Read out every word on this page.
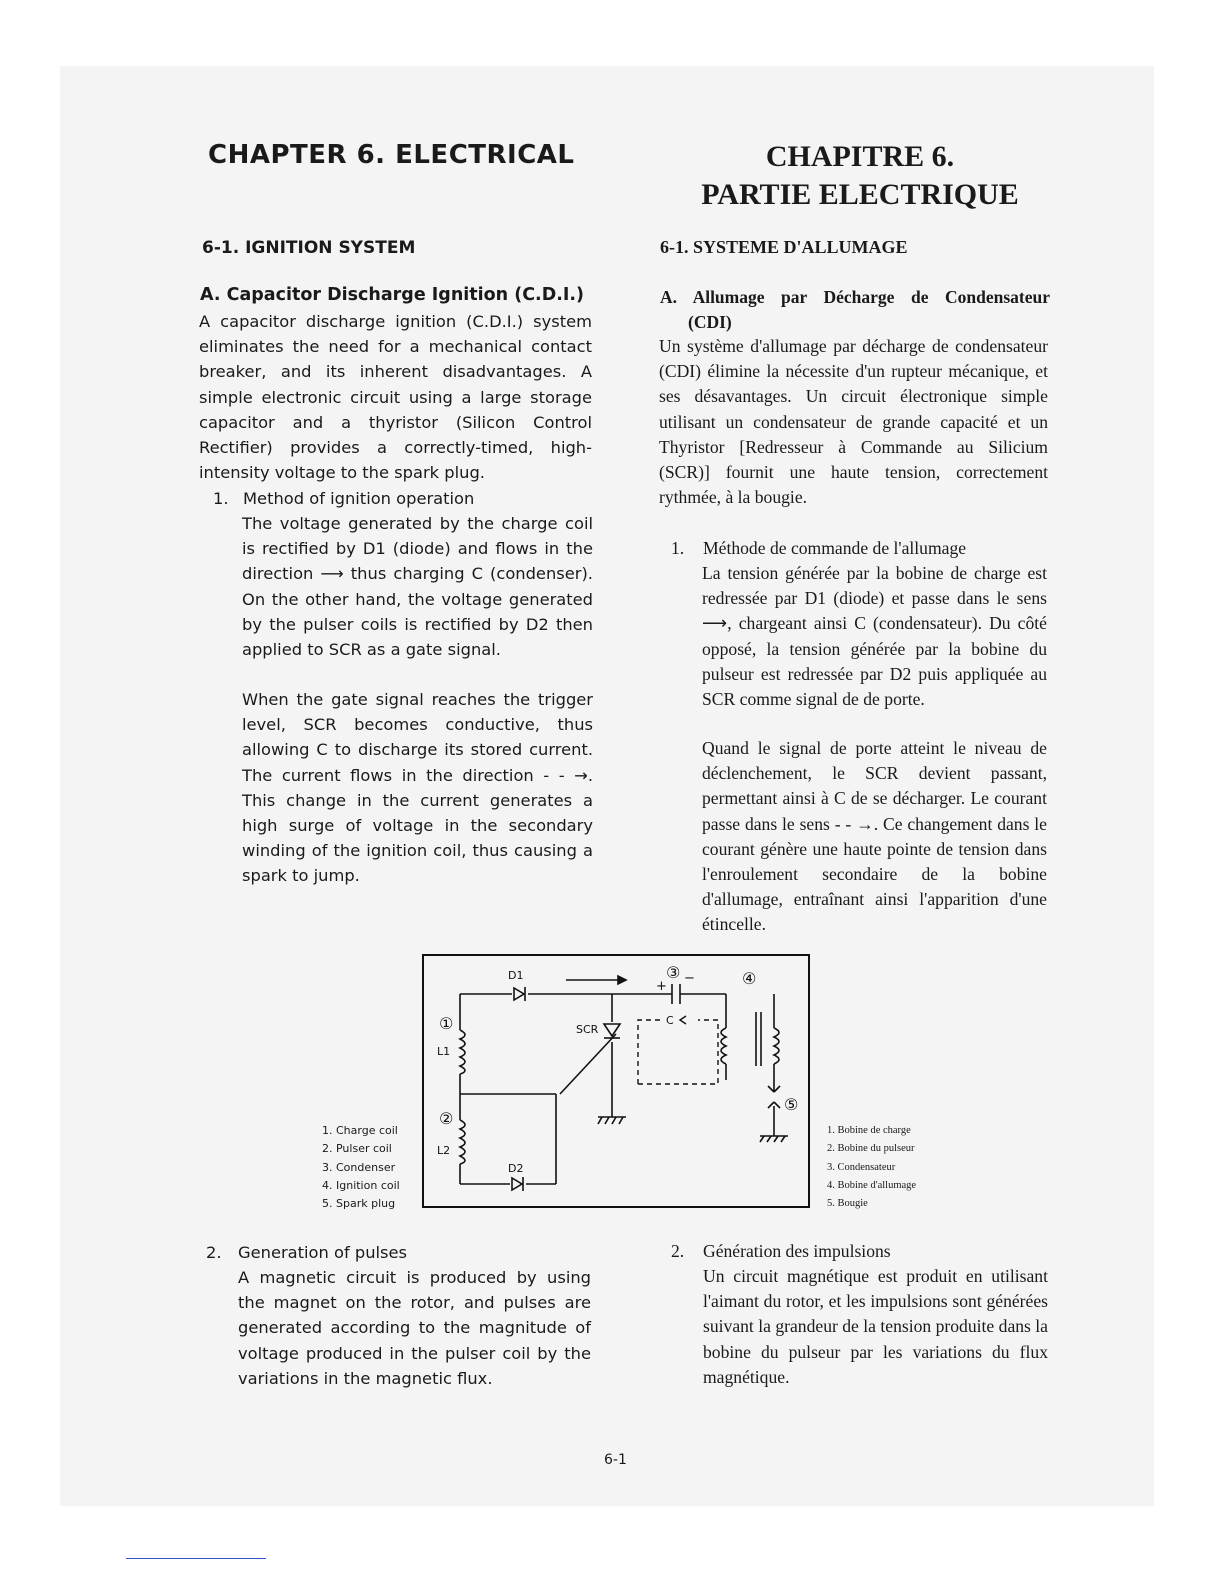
CHAPTER 6. ELECTRICAL
6-1. IGNITION SYSTEM
A. Capacitor Discharge Ignition (C.D.I.)
A capacitor discharge ignition (C.D.I.) system eliminates the need for a mechanical contact breaker, and its inherent disadvantages. A simple electronic circuit using a large storage capacitor and a thyristor (Silicon Control Rectifier) provides a correctly-timed, high-intensity voltage to the spark plug.
1. Method of ignition operation
The voltage generated by the charge coil is rectified by D1 (diode) and flows in the direction ⟶ thus charging C (condenser). On the other hand, the voltage generated by the pulser coils is rectified by D2 then applied to SCR as a gate signal.
When the gate signal reaches the trigger level, SCR becomes conductive, thus allowing C to discharge its stored current. The current flows in the direction - - →. This change in the current generates a high surge of voltage in the secondary winding of the ignition coil, thus causing a spark to jump.
2. Generation of pulses
A magnetic circuit is produced by using the magnet on the rotor, and pulses are generated according to the magnitude of voltage produced in the pulser coil by the variations in the magnetic flux.
CHAPITRE 6.
PARTIE ELECTRIQUE
6-1. SYSTEME D'ALLUMAGE
A. Allumage par Décharge de Condensateur
(CDI)
Un système d'allumage par décharge de condensateur (CDI) élimine la nécessite d'un rupteur mécanique, et ses désavantages. Un circuit électronique simple utilisant un condensateur de grande capacité et un Thyristor [Redresseur à Commande au Silicium (SCR)] fournit une haute tension, correctement rythmée, à la bougie.
1. Méthode de commande de l'allumage
La tension générée par la bobine de charge est redressée par D1 (diode) et passe dans le sens ⟶, chargeant ainsi C (condensateur). Du côté opposé, la tension générée par la bobine du pulseur est redressée par D2 puis appliquée au SCR comme signal de de porte.
Quand le signal de porte atteint le niveau de déclenchement, le SCR devient passant, permettant ainsi à C de se décharger. Le courant passe dans le sens - - →. Ce changement dans le courant génère une haute pointe de tension dans l'enroulement secondaire de la bobine d'allumage, entraînant ainsi l'apparition d'une étincelle.
2. Génération des impulsions
Un circuit magnétique est produit en utilisant l'aimant du rotor, et les impulsions sont générées suivant la grandeur de la tension produite dans la bobine du pulseur par les variations du flux magnétique.
1. Charge coil
2. Pulser coil
3. Condenser
4. Ignition coil
5. Spark plug
1. Bobine de charge
2. Bobine du pulseur
3. Condensateur
4. Bobine d'allumage
5. Bougie
D1
D2
SCR
L1
L2
C
+
−
①
②
③	④
⑤
6-1
